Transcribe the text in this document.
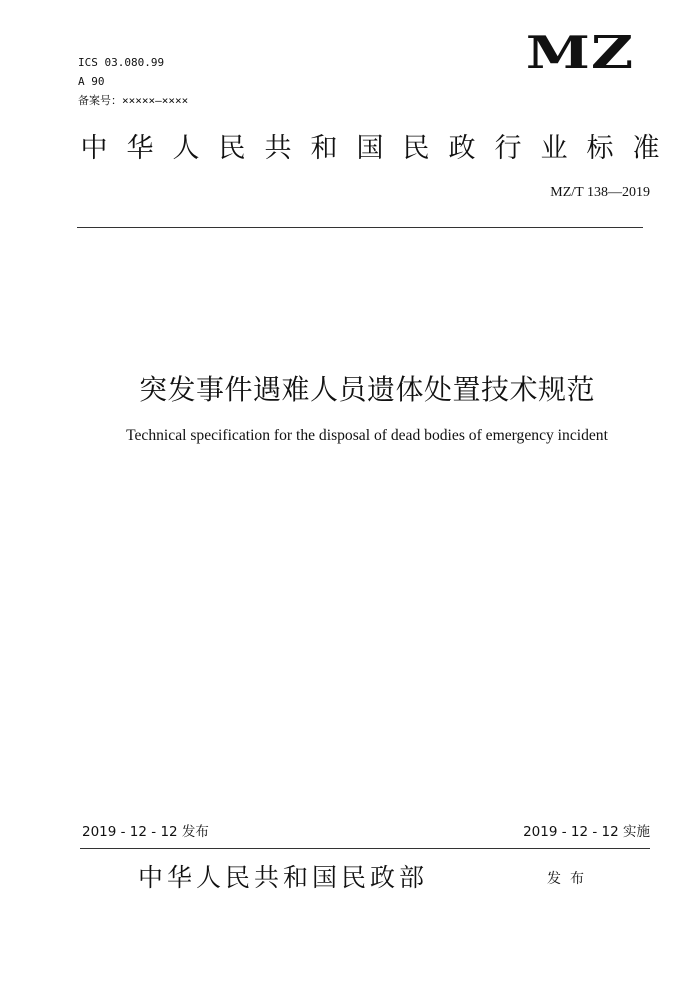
ICS 03.080.99
A 90
备案号：×××××—××××
MZ
中 华 人 民 共 和 国 民 政 行 业 标 准
MZ/T 138—2019
突发事件遇难人员遗体处置技术规范
Technical specification for the disposal of dead bodies of emergency incident
2019 - 12 - 12 发布	2019 - 12 - 12 实施
中华人民共和国民政部	发布
